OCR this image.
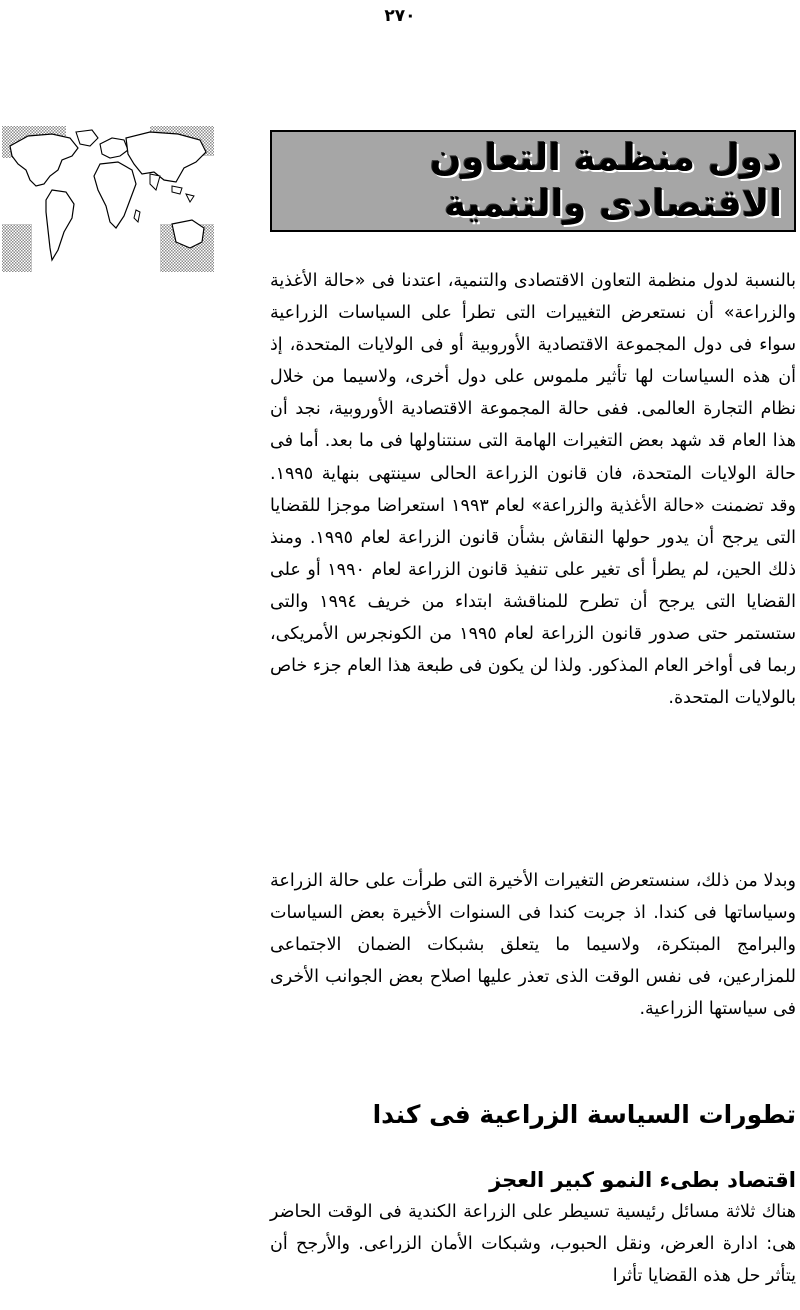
٢٧٠
دول منظمة التعاون الاقتصادى والتنمية

بالنسبة لدول منظمة التعاون الاقتصادى والتنمية، اعتدنا فى «حالة الأغذية والزراعة» أن نستعرض التغييرات التى تطرأ على السياسات الزراعية سواء فى دول المجموعة الاقتصادية الأوروبية أو فى الولايات المتحدة، إذ أن هذه السياسات لها تأثير ملموس على دول أخرى، ولاسيما من خلال نظام التجارة العالمى. ففى حالة المجموعة الاقتصادية الأوروبية، نجد أن هذا العام قد شهد بعض التغيرات الهامة التى سنتناولها فى ما بعد. أما فى حالة الولايات المتحدة، فان قانون الزراعة الحالى سينتهى بنهاية ١٩٩٥. وقد تضمنت «حالة الأغذية والزراعة» لعام ١٩٩٣ استعراضا موجزا للقضايا التى يرجح أن يدور حولها النقاش بشأن قانون الزراعة لعام ١٩٩٥. ومنذ ذلك الحين، لم يطرأ أى تغير على تنفيذ قانون الزراعة لعام ١٩٩٠ أو على القضايا التى يرجح أن تطرح للمناقشة ابتداء من خريف ١٩٩٤ والتى ستستمر حتى صدور قانون الزراعة لعام ١٩٩٥ من الكونجرس الأمريكى، ربما فى أواخر العام المذكور. ولذا لن يكون فى طبعة هذا العام جزء خاص بالولايات المتحدة.

وبدلا من ذلك، سنستعرض التغيرات الأخيرة التى طرأت على حالة الزراعة وسياساتها فى كندا. اذ جربت كندا فى السنوات الأخيرة بعض السياسات والبرامج المبتكرة، ولاسيما ما يتعلق بشبكات الضمان الاجتماعى للمزارعين، فى نفس الوقت الذى تعذر عليها اصلاح بعض الجوانب الأخرى فى سياستها الزراعية.

تطورات السياسة الزراعية فى كندا
اقتصاد بطىء النمو كبير العجز

هناك ثلاثة مسائل رئيسية تسيطر على الزراعة الكندية فى الوقت الحاضر هى: ادارة العرض، ونقل الحبوب، وشبكات الأمان الزراعى. والأرجح أن يتأثر حل هذه القضايا تأثرا
